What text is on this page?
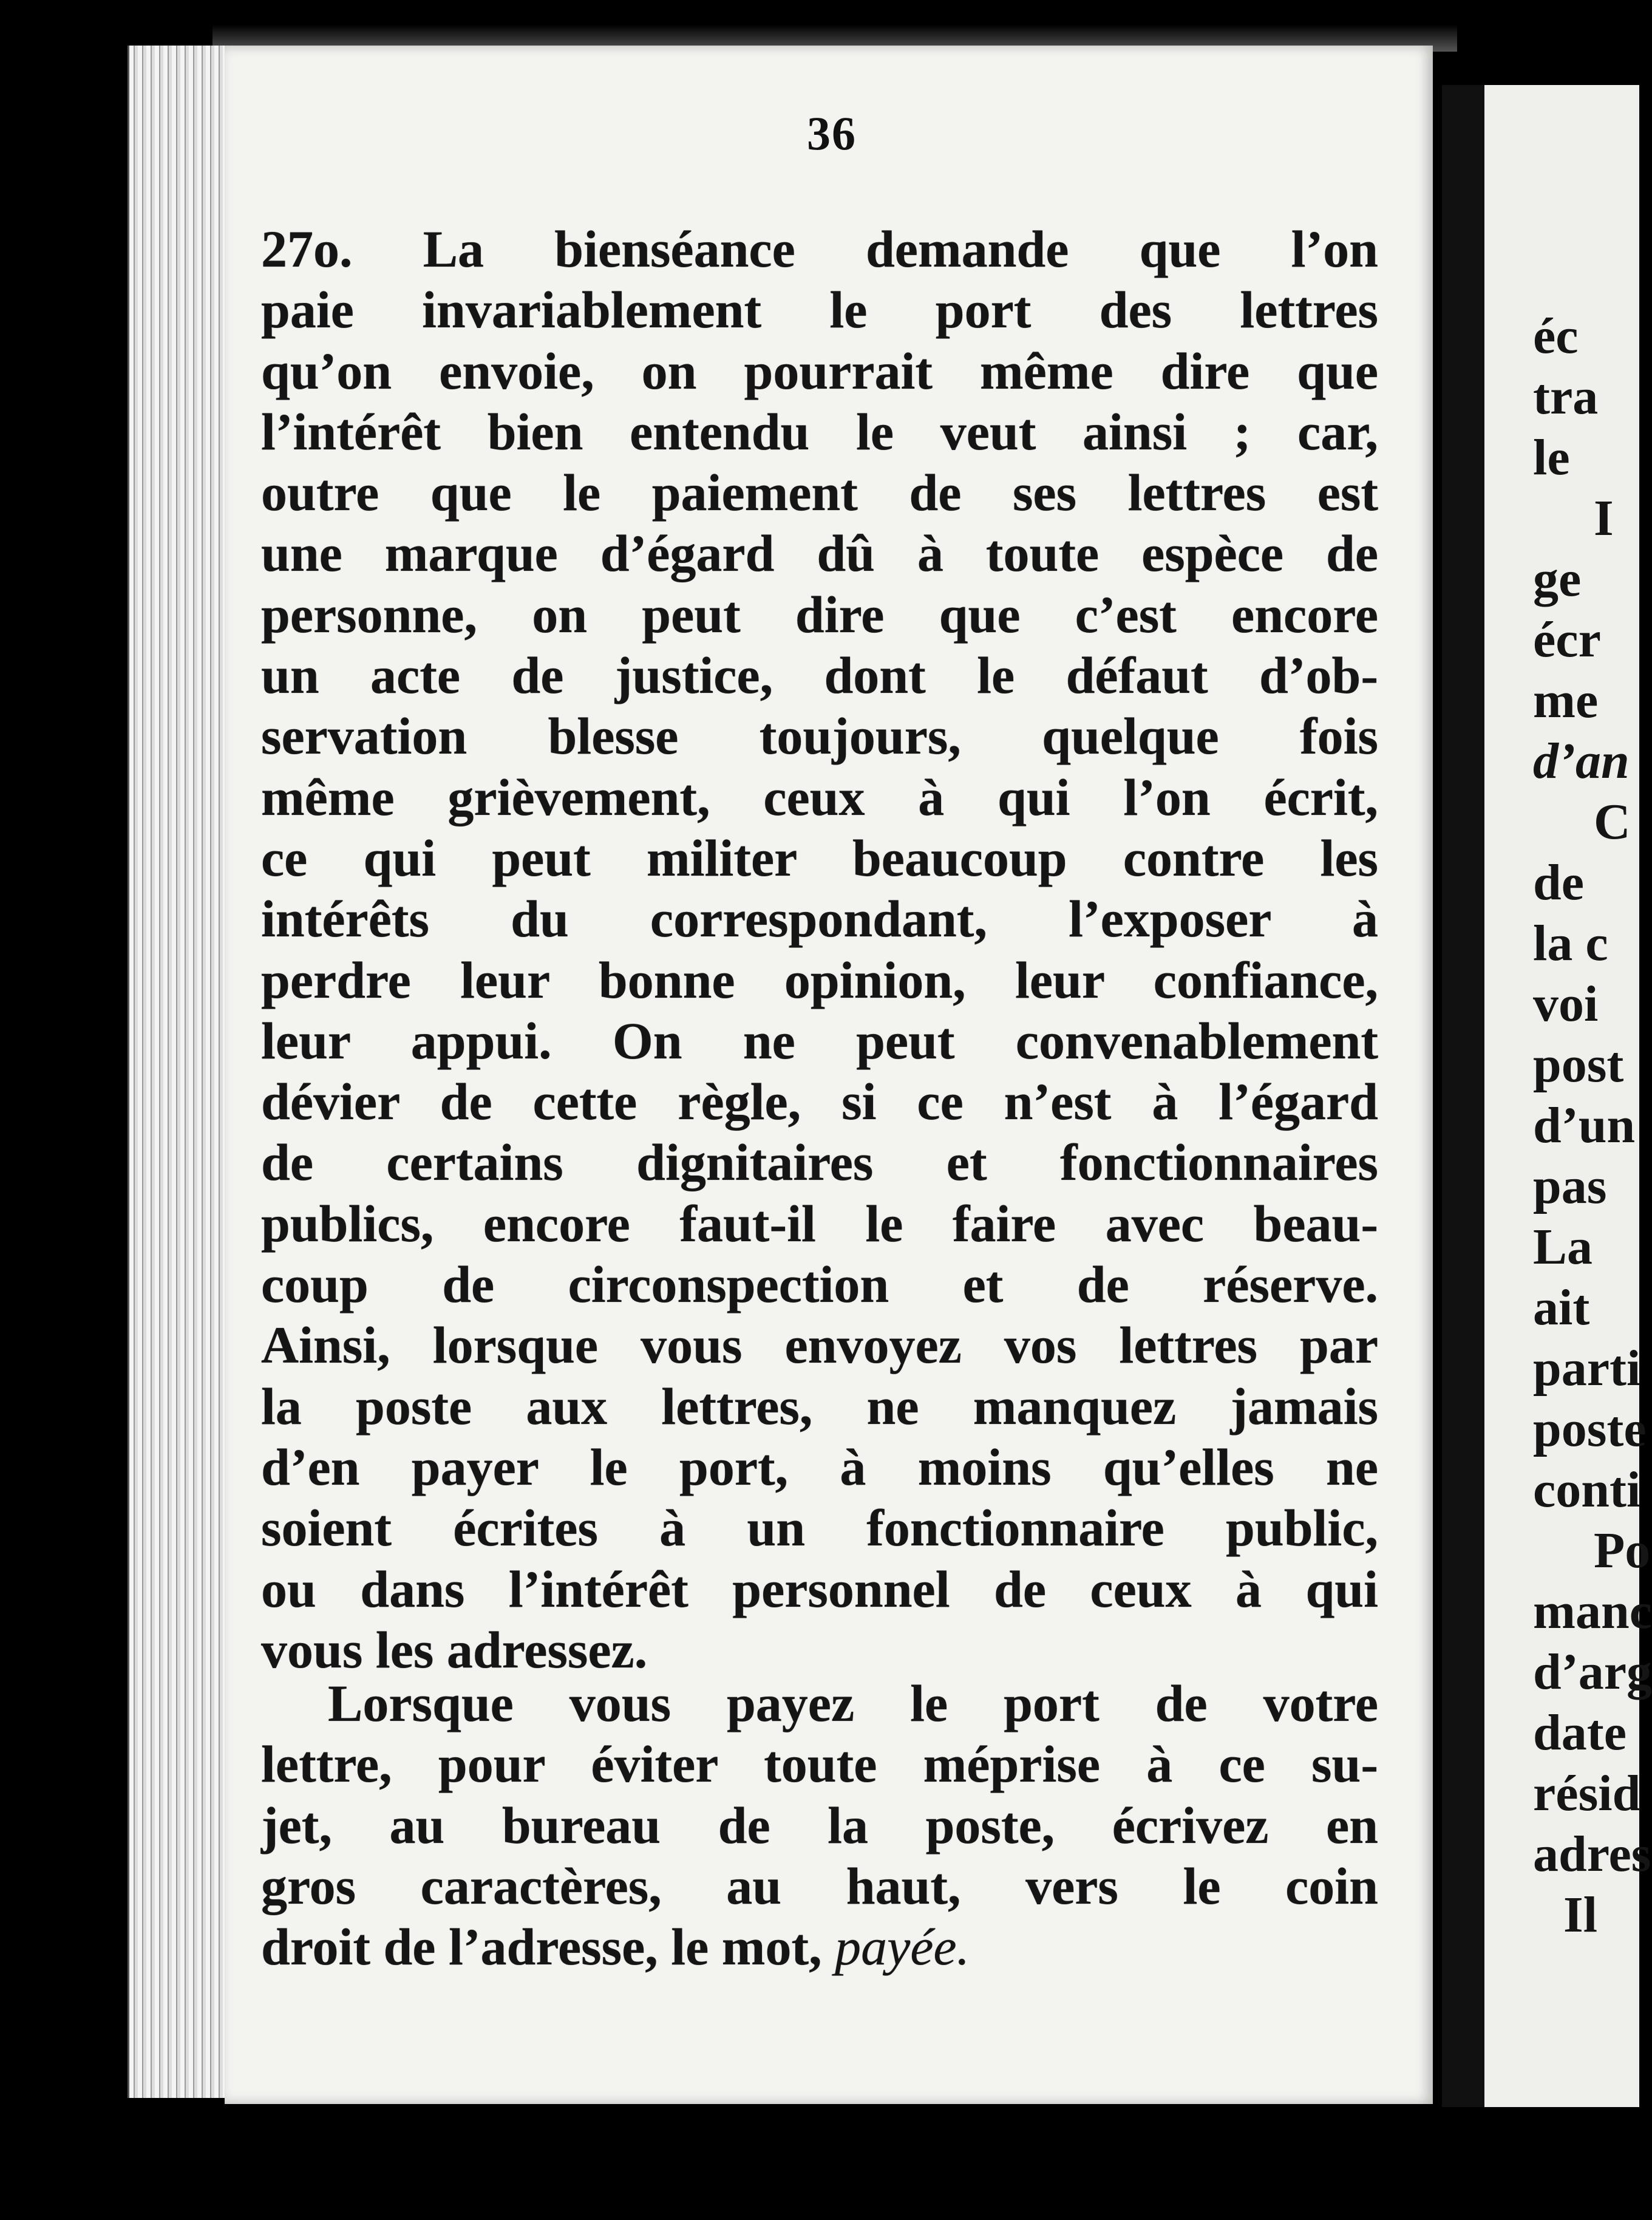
36
27o. La bienséance demande que l’on
paie invariablement le port des lettres
qu’on envoie, on pourrait même dire que
l’intérêt bien entendu le veut ainsi ; car,
outre que le paiement de ses lettres est
une marque d’égard dû à toute espèce de
personne, on peut dire que c’est encore
un acte de justice, dont le défaut d’ob-
servation blesse toujours, quelque fois
même grièvement, ceux à qui l’on écrit,
ce qui peut militer beaucoup contre les
intérêts du correspondant, l’exposer à
perdre leur bonne opinion, leur confiance,
leur appui. On ne peut convenablement
dévier de cette règle, si ce n’est à l’égard
de certains dignitaires et fonctionnaires
publics, encore faut-il le faire avec beau-
coup de circonspection et de réserve.
Ainsi, lorsque vous envoyez vos lettres par
la poste aux lettres, ne manquez jamais
d’en payer le port, à moins qu’elles ne
soient écrites à un fonctionnaire public,
ou dans l’intérêt personnel de ceux à qui
vous les adressez.
Lorsque vous payez le port de votre
lettre, pour éviter toute méprise à ce su-
jet, au bureau de la poste, écrivez en
gros caractères, au haut, vers le coin
droit de l’adresse, le mot, payée.

éc

tra

le

I

ge

écr

me

d’an

C

de

la c

voi

post

d’un

pas

La

ait

parti

poste

conti

Po

manc

d’arg

date

résid

adres

Il
